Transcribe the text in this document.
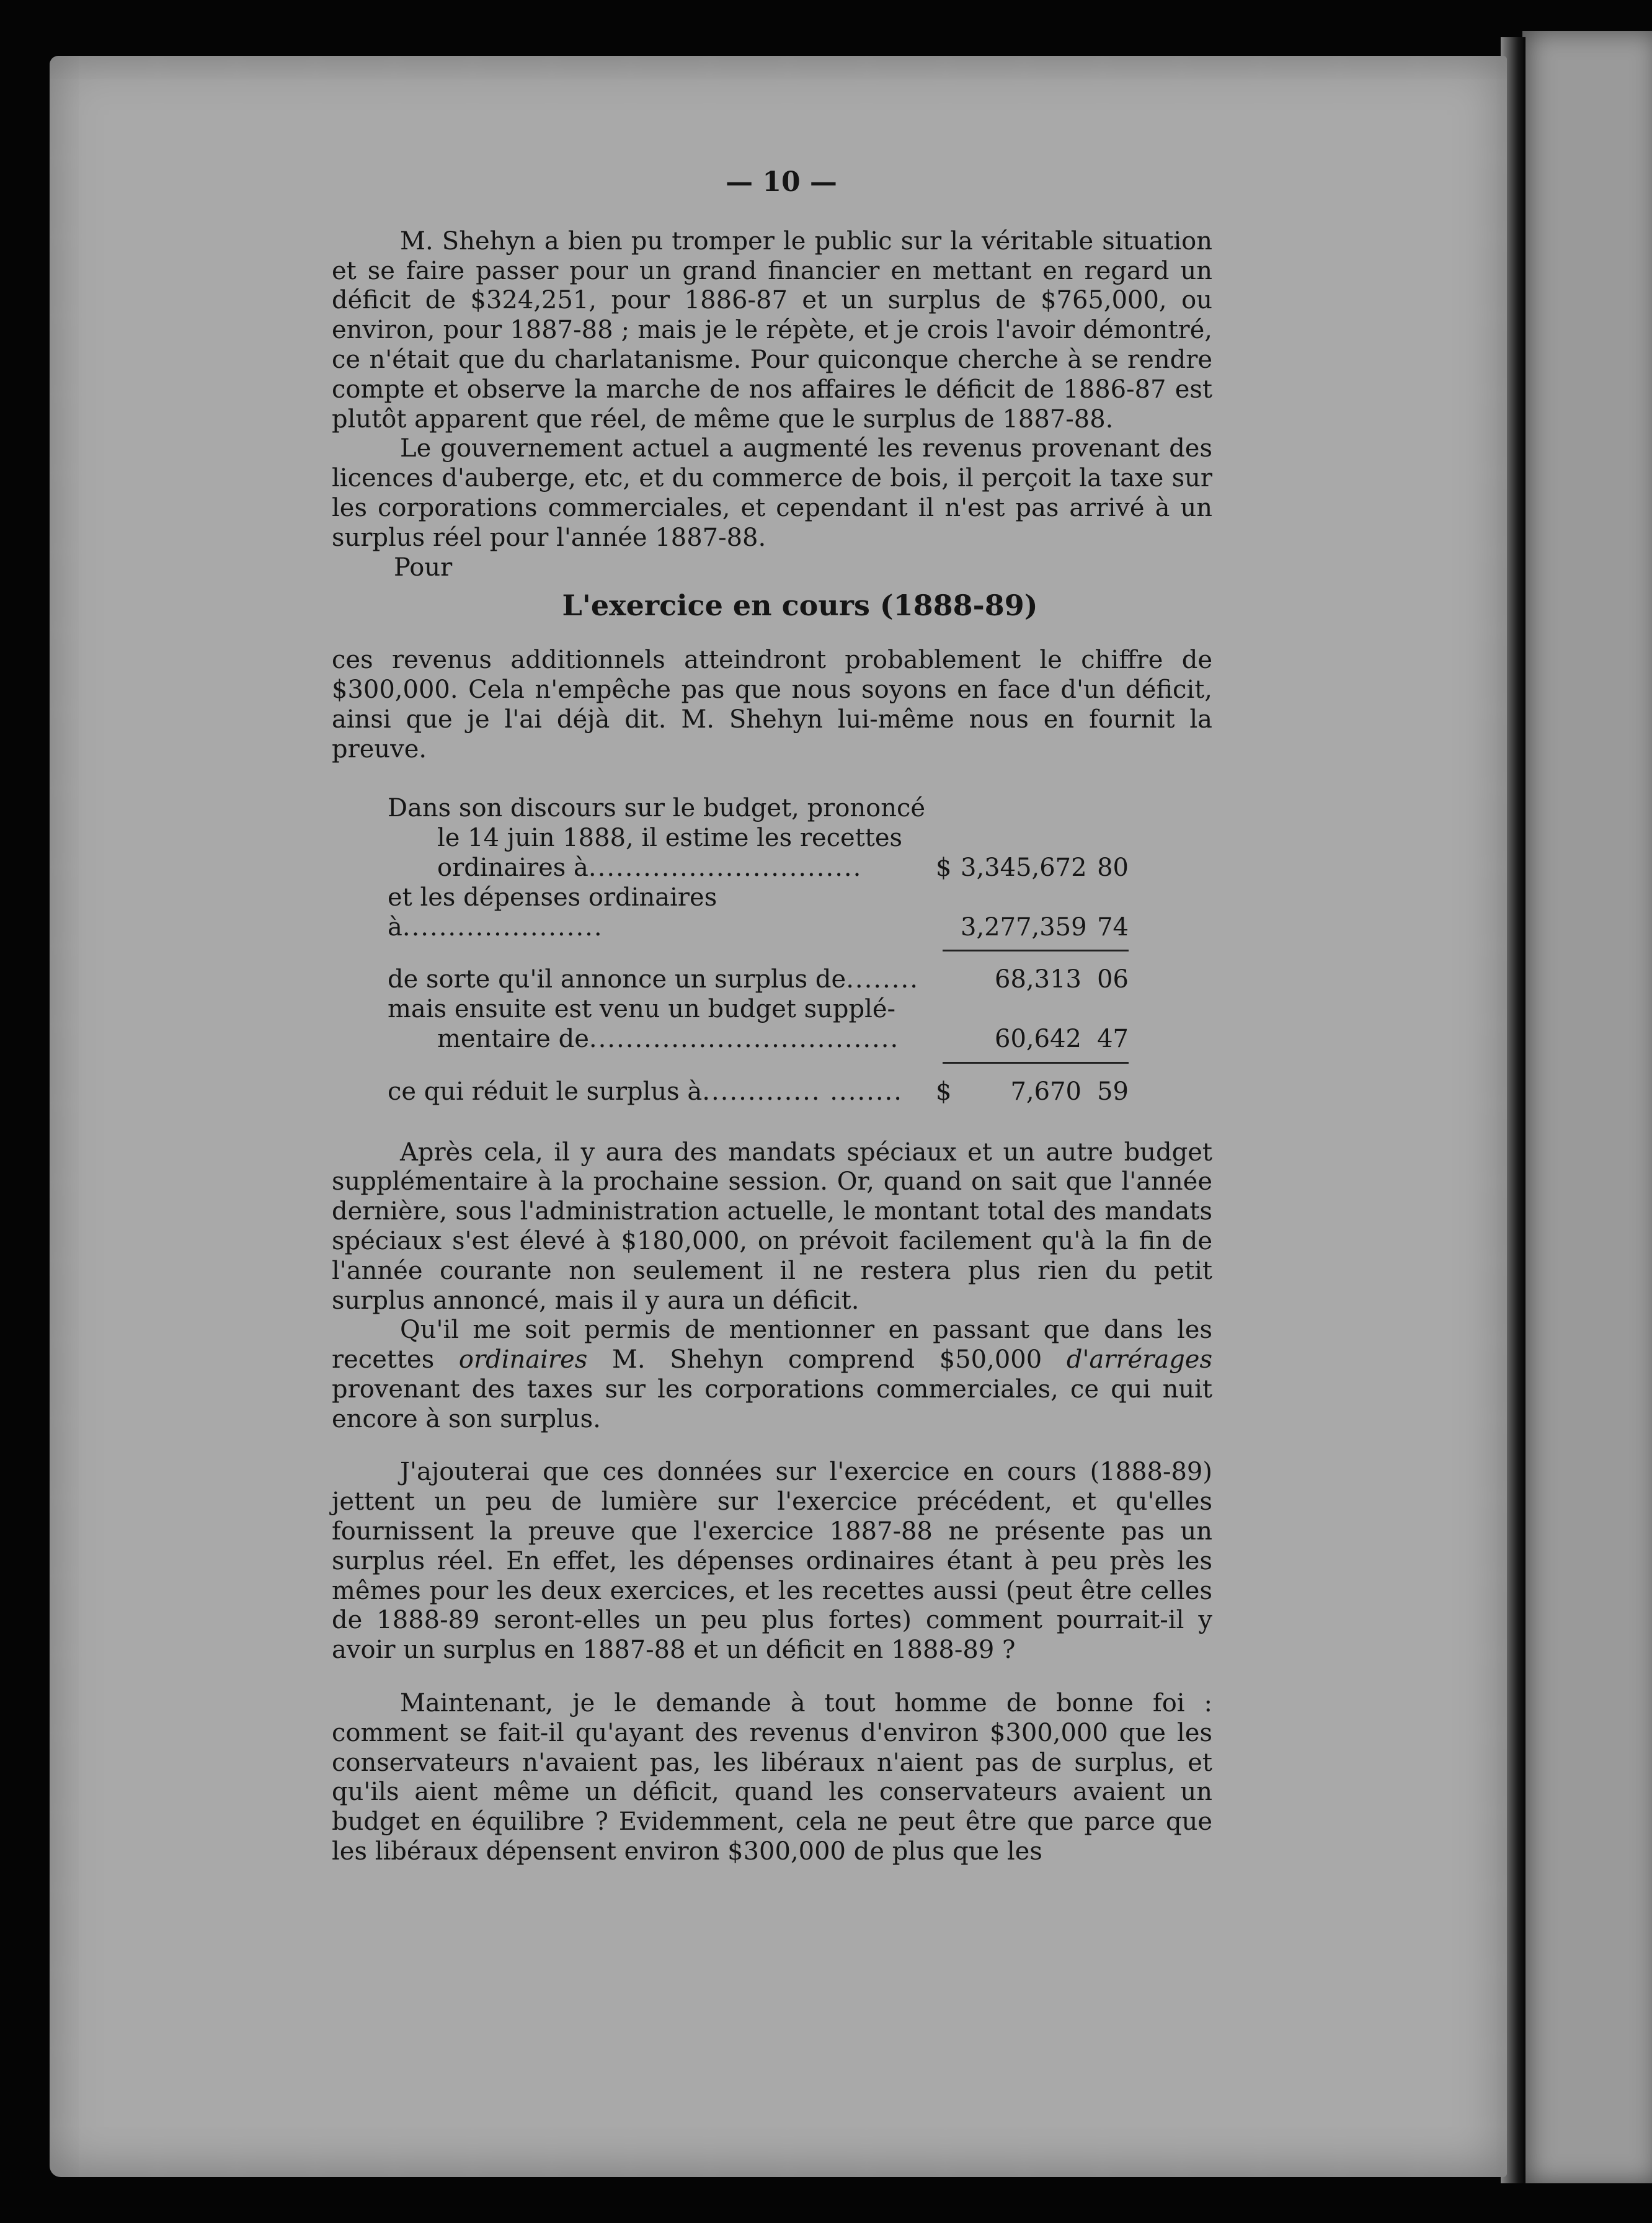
— 10 —

M. Shehyn a bien pu tromper le public sur la véritable situation et se faire passer pour un grand financier en mettant en regard un déficit de $324,251, pour 1886-87 et un surplus de $765,000, ou environ, pour 1887-88 ; mais je le répète, et je crois l'avoir démontré, ce n'était que du charlatanisme. Pour quiconque cherche à se rendre compte et observe la marche de nos affaires le déficit de 1886-87 est plutôt apparent que réel, de même que le surplus de 1887-88.

Le gouvernement actuel a augmenté les revenus provenant des licences d'auberge, etc, et du commerce de bois, il perçoit la taxe sur les corporations commerciales, et cependant il n'est pas arrivé à un surplus réel pour l'année 1887-88.

Pour

L'exercice en cours (1888-89)

ces revenus additionnels atteindront probablement le chiffre de $300,000. Cela n'empêche pas que nous soyons en face d'un déficit, ainsi que je l'ai déjà dit. M. Shehyn lui-même nous en fournit la preuve.

Dans son discours sur le budget, prononcé
le 14 juin 1888, il estime les recettes
ordinaires à..............................	$ 3,345,672 80
et les dépenses ordinaires à......................	3,277,359 74
de sorte qu'il annonce un surplus de........	68,313 06
mais ensuite est venu un budget supplé-
mentaire de..................................	60,642 47
ce qui réduit le surplus à............. ........	$	7,670 59

Après cela, il y aura des mandats spéciaux et un autre budget supplémentaire à la prochaine session. Or, quand on sait que l'année dernière, sous l'administration actuelle, le montant total des mandats spéciaux s'est élevé à $180,000, on prévoit facilement qu'à la fin de l'année courante non seulement il ne restera plus rien du petit surplus annoncé, mais il y aura un déficit.

Qu'il me soit permis de mentionner en passant que dans les recettes ordinaires M. Shehyn comprend $50,000 d'arrérages provenant des taxes sur les corporations commerciales, ce qui nuit encore à son surplus.

J'ajouterai que ces données sur l'exercice en cours (1888-89) jettent un peu de lumière sur l'exercice précédent, et qu'elles fournissent la preuve que l'exercice 1887-88 ne présente pas un surplus réel. En effet, les dépenses ordinaires étant à peu près les mêmes pour les deux exercices, et les recettes aussi (peut être celles de 1888-89 seront-elles un peu plus fortes) comment pourrait-il y avoir un surplus en 1887-88 et un déficit en 1888-89 ?

Maintenant, je le demande à tout homme de bonne foi : comment se fait-il qu'ayant des revenus d'environ $300,000 que les conservateurs n'avaient pas, les libéraux n'aient pas de surplus, et qu'ils aient même un déficit, quand les conservateurs avaient un budget en équilibre ? Evidemment, cela ne peut être que parce que les libéraux dépensent environ $300,000 de plus que les
